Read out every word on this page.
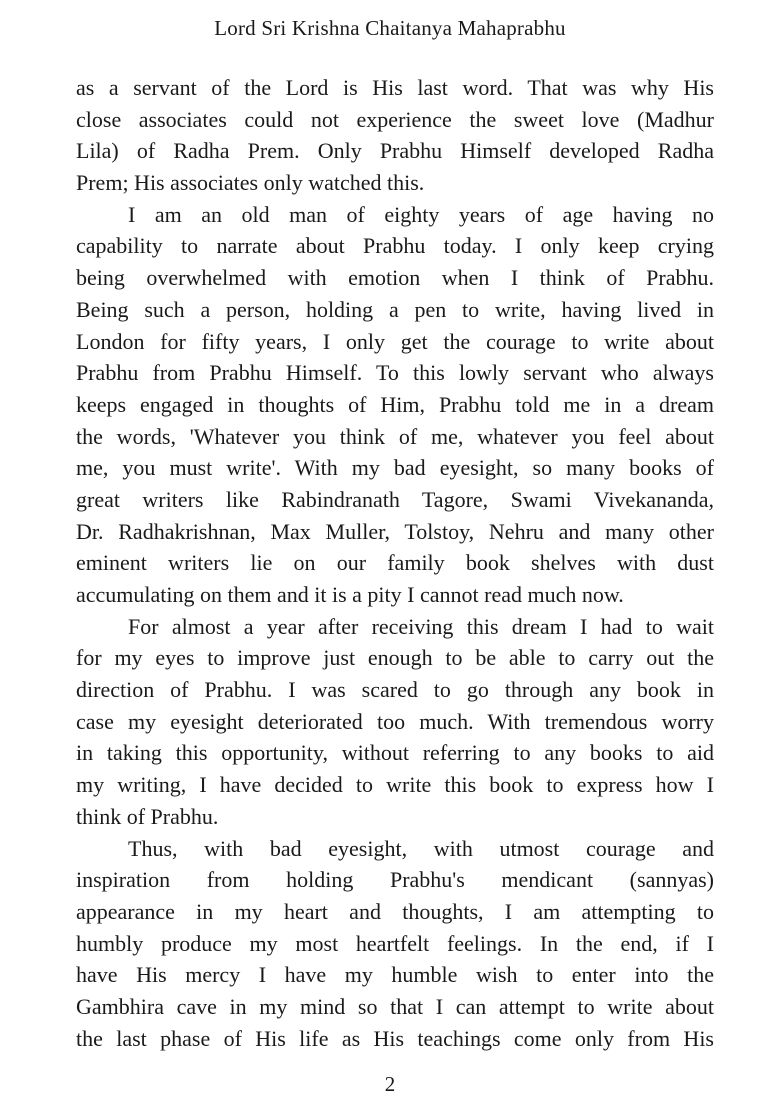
Lord Sri Krishna Chaitanya Mahaprabhu
as a servant of the Lord is His last word. That was why His
close associates could not experience the sweet love (Madhur
Lila) of Radha Prem. Only Prabhu Himself developed Radha
Prem; His associates only watched this.
I am an old man of eighty years of age having no
capability to narrate about Prabhu today. I only keep crying
being overwhelmed with emotion when I think of Prabhu.
Being such a person, holding a pen to write, having lived in
London for fifty years, I only get the courage to write about
Prabhu from Prabhu Himself. To this lowly servant who always
keeps engaged in thoughts of Him, Prabhu told me in a dream
the words, 'Whatever you think of me, whatever you feel about
me, you must write'. With my bad eyesight, so many books of
great writers like Rabindranath Tagore, Swami Vivekananda,
Dr. Radhakrishnan, Max Muller, Tolstoy, Nehru and many other
eminent writers lie on our family book shelves with dust
accumulating on them and it is a pity I cannot read much now.
For almost a year after receiving this dream I had to wait
for my eyes to improve just enough to be able to carry out the
direction of Prabhu. I was scared to go through any book in
case my eyesight deteriorated too much. With tremendous worry
in taking this opportunity, without referring to any books to aid
my writing, I have decided to write this book to express how I
think of Prabhu.
Thus, with bad eyesight, with utmost courage and
inspiration from holding Prabhu's mendicant (sannyas)
appearance in my heart and thoughts, I am attempting to
humbly produce my most heartfelt feelings. In the end, if I
have His mercy I have my humble wish to enter into the
Gambhira cave in my mind so that I can attempt to write about
the last phase of His life as His teachings come only from His
2
